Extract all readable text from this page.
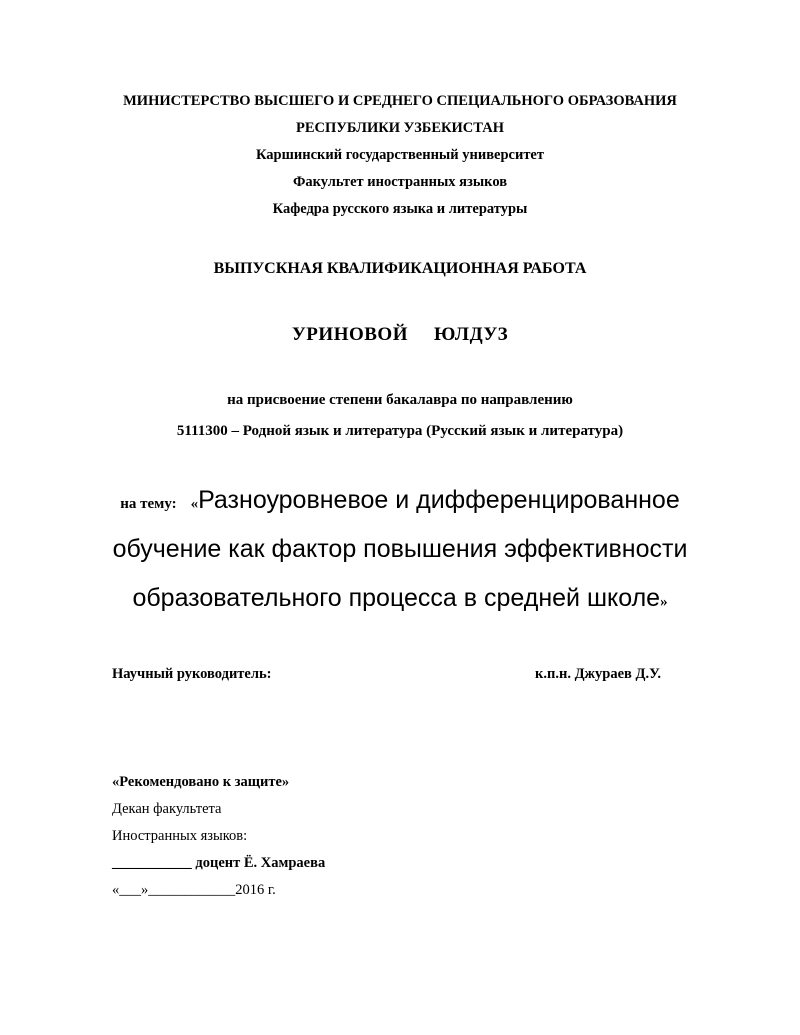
МИНИСТЕРСТВО ВЫСШЕГО И СРЕДНЕГО СПЕЦИАЛЬНОГО ОБРАЗОВАНИЯ
РЕСПУБЛИКИ УЗБЕКИСТАН
Каршинский государственный университет
Факультет иностранных языков
Кафедра русского языка и литературы
ВЫПУСКНАЯ КВАЛИФИКАЦИОННАЯ РАБОТА
УРИНОВОЙ ЮЛДУЗ
на присвоение степени бакалавра по направлению
5111300 – Родной язык и литература (Русский язык и литература)
на тему: «Разноуровневое и дифференцированное
обучение как фактор повышения эффективности
образовательного процесса в средней школе»
Научный руководитель:	к.п.н. Джураев Д.У.
«Рекомендовано к защите»
Декан факультета
Иностранных языков:
___________ доцент Ё. Хамраева
«___»____________2016 г.
